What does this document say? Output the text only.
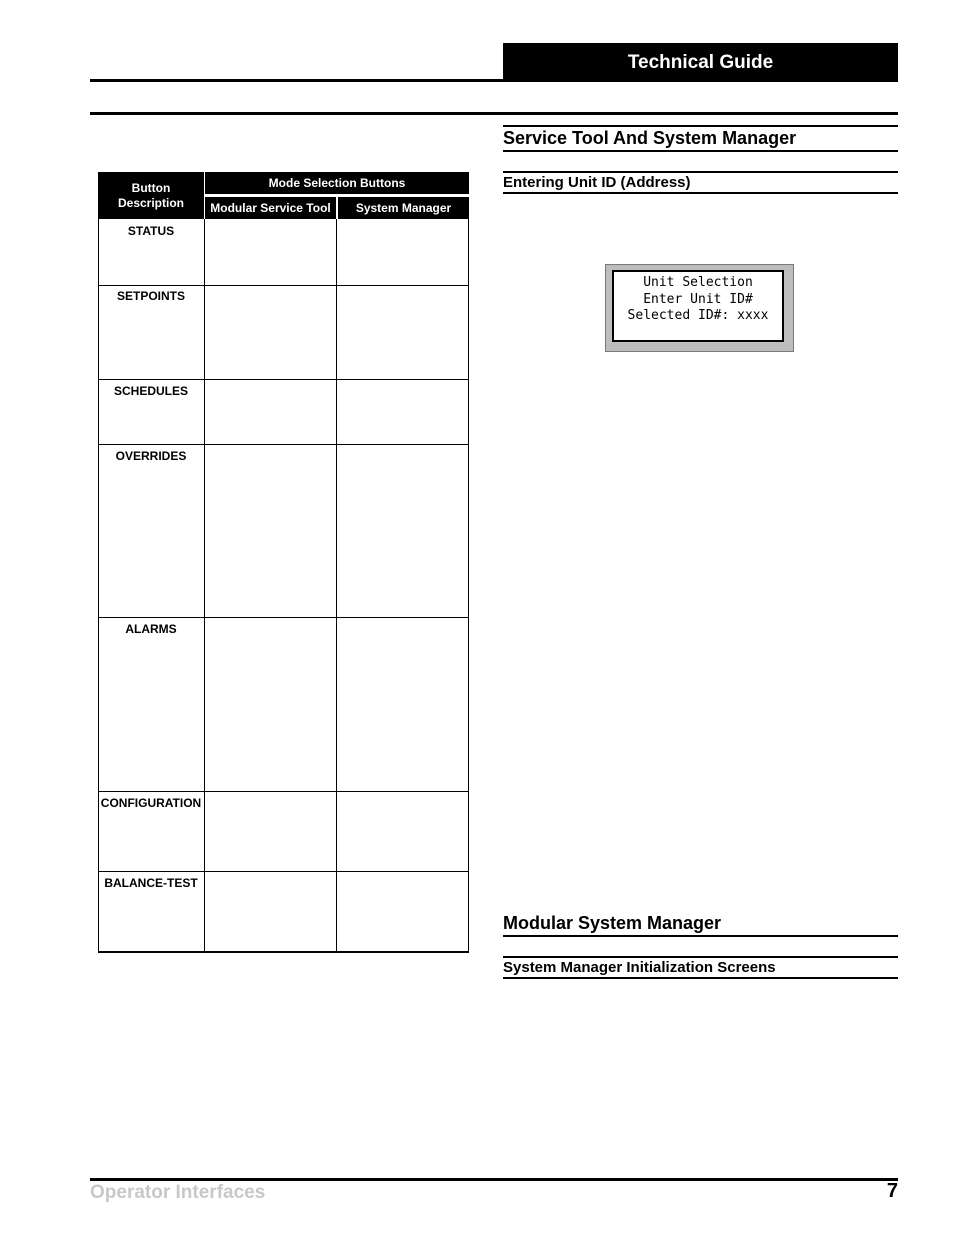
Technical Guide
Button
Description
Mode Selection Buttons
Modular Service Tool	System Manager
STATUS
SETPOINTS
SCHEDULES
OVERRIDES
ALARMS
CONFIGURATION
BALANCE-TEST
Service Tool And System Manager
Entering Unit ID (Address)
Unit Selection
Enter Unit ID#
Selected ID#: xxxx
Modular System Manager
System Manager Initialization Screens
Operator Interfaces	7
